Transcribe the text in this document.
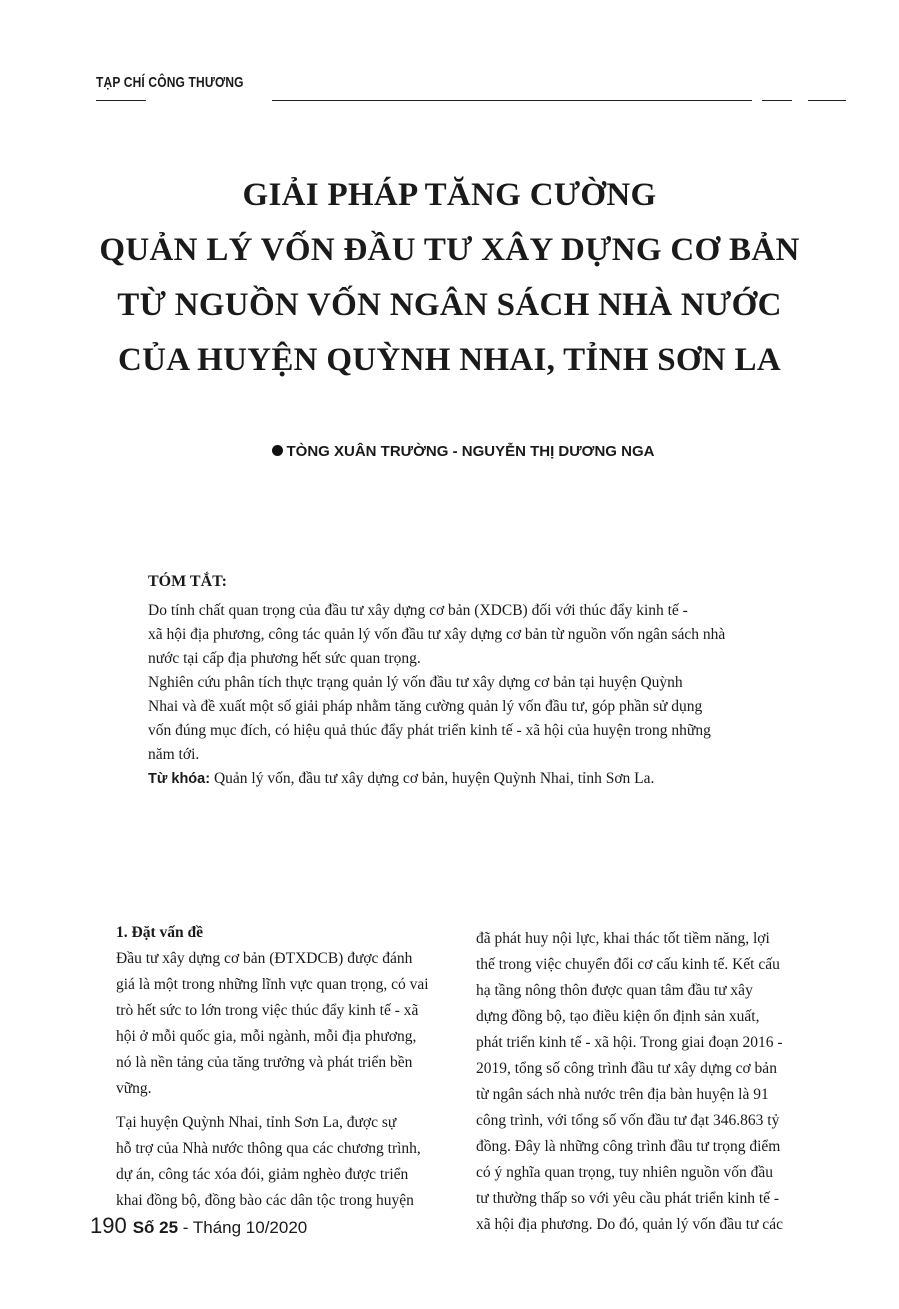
TẠP CHÍ CÔNG THƯƠNG
GIẢI PHÁP TĂNG CƯỜNG
QUẢN LÝ VỐN ĐẦU TƯ XÂY DỰNG CƠ BẢN
TỪ NGUỒN VỐN NGÂN SÁCH NHÀ NƯỚC
CỦA HUYỆN QUỲNH NHAI, TỈNH SƠN LA
TÒNG XUÂN TRƯỜNG - NGUYỄN THỊ DƯƠNG NGA
TÓM TẮT:

Do tính chất quan trọng của đầu tư xây dựng cơ bản (XDCB) đối với thúc đẩy kinh tế -
xã hội địa phương, công tác quản lý vốn đầu tư xây dựng cơ bản từ nguồn vốn ngân sách nhà
nước tại cấp địa phương hết sức quan trọng.

Nghiên cứu phân tích thực trạng quản lý vốn đầu tư xây dựng cơ bản tại huyện Quỳnh
Nhai và đề xuất một số giải pháp nhằm tăng cường quản lý vốn đầu tư, góp phần sử dụng
vốn đúng mục đích, có hiệu quả thúc đẩy phát triển kinh tế - xã hội của huyện trong những
năm tới.

Từ khóa: Quản lý vốn, đầu tư xây dựng cơ bản, huyện Quỳnh Nhai, tỉnh Sơn La.

1. Đặt vấn đề
Đầu tư xây dựng cơ bản (ĐTXDCB) được đánh
giá là một trong những lĩnh vực quan trọng, có vai
trò hết sức to lớn trong việc thúc đẩy kinh tế - xã
hội ở mỗi quốc gia, mỗi ngành, mỗi địa phương,
nó là nền tảng của tăng trưởng và phát triển bền
vững.
Tại huyện Quỳnh Nhai, tỉnh Sơn La, được sự
hỗ trợ của Nhà nước thông qua các chương trình,
dự án, công tác xóa đói, giảm nghèo được triển
khai đồng bộ, đồng bào các dân tộc trong huyện
đã phát huy nội lực, khai thác tốt tiềm năng, lợi
thế trong việc chuyển đổi cơ cấu kinh tế. Kết cấu
hạ tầng nông thôn được quan tâm đầu tư xây
dựng đồng bộ, tạo điều kiện ổn định sản xuất,
phát triển kinh tế - xã hội. Trong giai đoạn 2016 -
2019, tổng số công trình đầu tư xây dựng cơ bản
từ ngân sách nhà nước trên địa bàn huyện là 91
công trình, với tổng số vốn đầu tư đạt 346.863 tỷ
đồng. Đây là những công trình đầu tư trọng điểm
có ý nghĩa quan trọng, tuy nhiên nguồn vốn đầu
tư thường thấp so với yêu cầu phát triển kinh tế -
xã hội địa phương. Do đó, quản lý vốn đầu tư các
190 Số 25 - Tháng 10/2020
